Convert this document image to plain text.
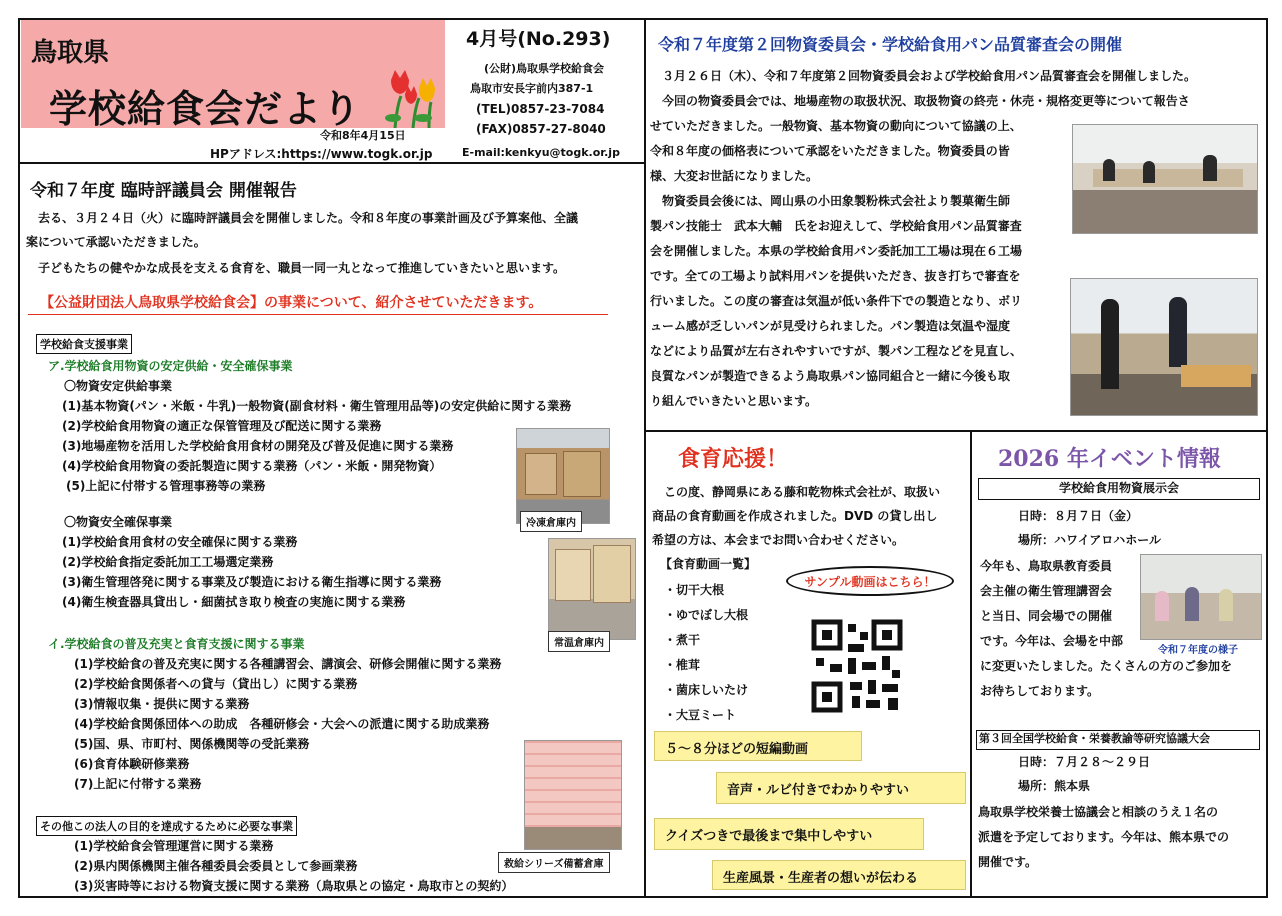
鳥取県
学校給食会だより
令和8年4月15日
HPアドレス:https://www.togk.or.jp
4月号(No.293)
(公財)鳥取県学校給食会
鳥取市安長字前内387-1
(TEL)0857-23-7084
(FAX)0857-27-8040
E-mail:kenkyu@togk.or.jp
令和７年度 臨時評議員会 開催報告
去る、３月２４日（火）に臨時評議員会を開催しました。令和８年度の事業計画及び予算案他、全議
案について承認いただきました。
子どもたちの健やかな成長を支える食育を、職員一同一丸となって推進していきたいと思います。
【公益財団法人鳥取県学校給食会】の事業について、紹介させていただきます。
学校給食支援事業
ア.学校給食用物資の安定供給・安全確保事業
〇物資安定供給事業
(1)基本物資(パン・米飯・牛乳)一般物資(副食材料・衛生管理用品等)の安定供給に関する業務
(2)学校給食用物資の適正な保管管理及び配送に関する業務
(3)地場産物を活用した学校給食用食材の開発及び普及促進に関する業務
(4)学校給食用物資の委託製造に関する業務（パン・米飯・開発物資）
(5)上記に付帯する管理事務等の業務
〇物資安全確保事業
(1)学校給食用食材の安全確保に関する業務
(2)学校給食指定委託加工工場選定業務
(3)衛生管理啓発に関する事業及び製造における衛生指導に関する業務
(4)衛生検査器具貸出し・細菌拭き取り検査の実施に関する業務
イ.学校給食の普及充実と食育支援に関する事業
(1)学校給食の普及充実に関する各種講習会、講演会、研修会開催に関する業務
(2)学校給食関係者への貸与（貸出し）に関する業務
(3)情報収集・提供に関する業務
(4)学校給食関係団体への助成　各種研修会・大会への派遣に関する助成業務
(5)国、県、市町村、関係機関等の受託業務
(6)食育体験研修業務
(7)上記に付帯する業務
その他この法人の目的を達成するために必要な事業
(1)学校給食会管理運営に関する業務
(2)県内関係機関主催各種委員会委員として参画業務
(3)災害時等における物資支援に関する業務（鳥取県との協定・鳥取市との契約）
冷凍倉庫内
常温倉庫内
救給シリーズ備蓄倉庫
令和７年度第２回物資委員会・学校給食用パン品質審査会の開催
３月２６日（木）、令和７年度第２回物資委員会および学校給食用パン品質審査会を開催しました。
今回の物資委員会では、地場産物の取扱状況、取扱物資の終売・休売・規格変更等について報告さ
せていただきました。一般物資、基本物資の動向について協議の上、
令和８年度の価格表について承認をいただきました。物資委員の皆
様、大変お世話になりました。
物資委員会後には、岡山県の小田象製粉株式会社より製菓衛生師
製パン技能士　武本大輔　氏をお迎えして、学校給食用パン品質審査
会を開催しました。本県の学校給食用パン委託加工工場は現在６工場
です。全ての工場より試料用パンを提供いただき、抜き打ちで審査を
行いました。この度の審査は気温が低い条件下での製造となり、ボリ
ューム感が乏しいパンが見受けられました。パン製造は気温や湿度
などにより品質が左右されやすいですが、製パン工程などを見直し、
良質なパンが製造できるよう鳥取県パン協同組合と一緒に今後も取
り組んでいきたいと思います。
食育応援！
この度、静岡県にある藤和乾物株式会社が、取扱い
商品の食育動画を作成されました。DVD の貸し出し
希望の方は、本会までお問い合わせください。
【食育動画一覧】
・切干大根
・ゆでぼし大根
・煮干
・椎茸
・菌床しいたけ
・大豆ミート
サンプル動画はこちら！
５～８分ほどの短編動画
音声・ルビ付きでわかりやすい
クイズつきで最後まで集中しやすい
生産風景・生産者の想いが伝わる
2026 年イベント情報
学校給食用物資展示会
日時：８月７日（金）
場所：ハワイアロハホール
今年も、鳥取県教育委員
会主催の衛生管理講習会
と当日、同会場での開催
です。今年は、会場を中部
に変更いたしました。たくさんの方のご参加を
お待ちしております。
令和７年度の様子
第３回全国学校給食・栄養教諭等研究協議大会
日時：７月２８～２９日
場所：熊本県
鳥取県学校栄養士協議会と相談のうえ１名の
派遣を予定しております。今年は、熊本県での
開催です。
